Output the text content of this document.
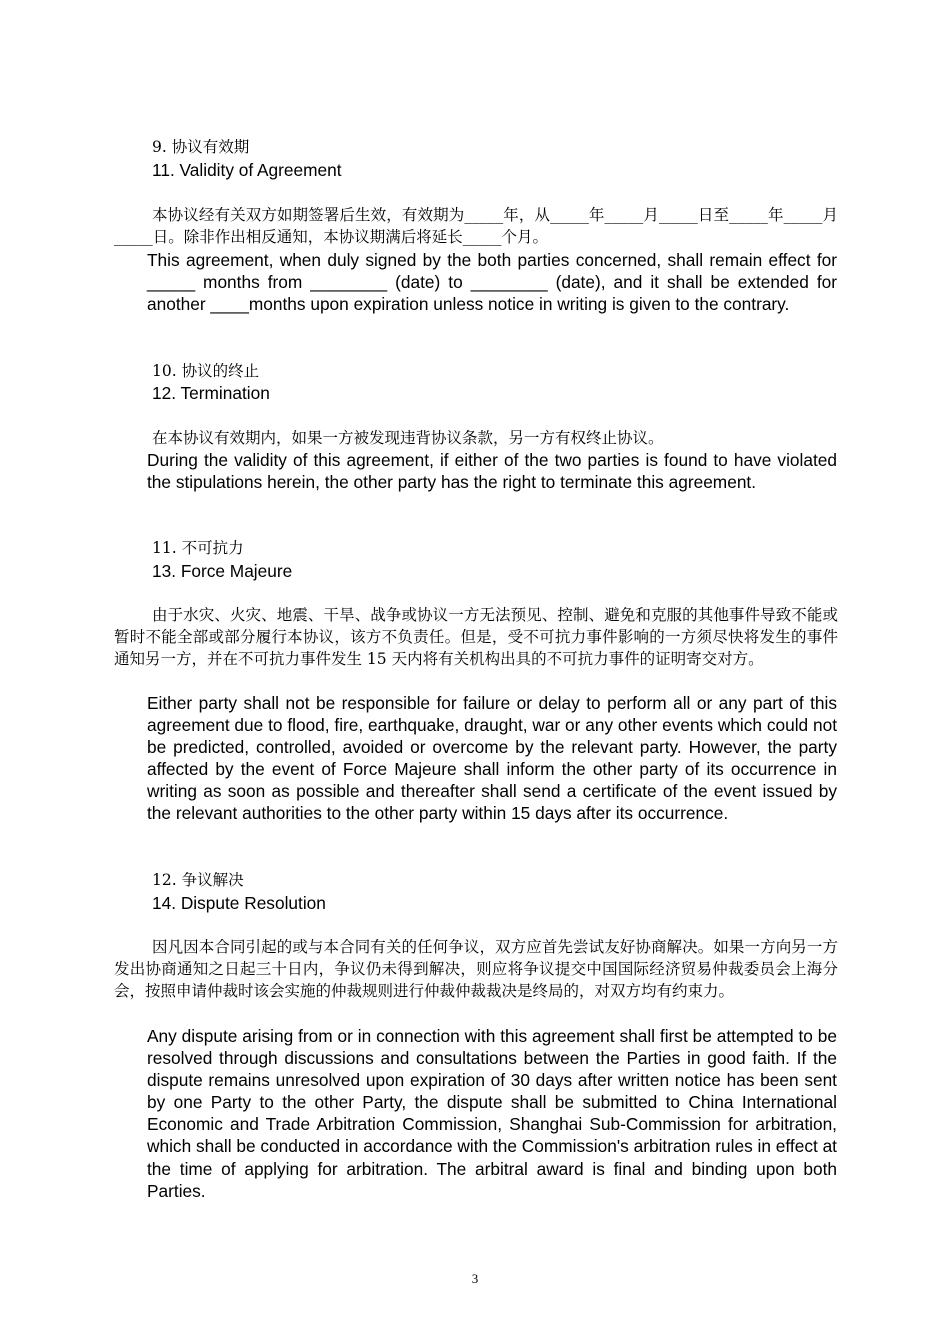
9. 协议有效期
11. Validity of Agreement
本协议经有关双方如期签署后生效，有效期为_____年，从_____年_____月_____日至_____年_____月_____日。除非作出相反通知，本协议期满后将延长_____个月。
This agreement, when duly signed by the both parties concerned, shall remain effect for _____ months from ________ (date) to ________ (date), and it shall be extended for another ____months upon expiration unless notice in writing is given to the contrary.
10. 协议的终止
12. Termination
在本协议有效期内，如果一方被发现违背协议条款，另一方有权终止协议。
During the validity of this agreement, if either of the two parties is found to have violated the stipulations herein, the other party has the right to terminate this agreement.
11. 不可抗力
13. Force Majeure
由于水灾、火灾、地震、干旱、战争或协议一方无法预见、控制、避免和克服的其他事件导致不能或暂时不能全部或部分履行本协议，该方不负责任。但是，受不可抗力事件影响的一方须尽快将发生的事件通知另一方，并在不可抗力事件发生 15 天内将有关机构出具的不可抗力事件的证明寄交对方。
Either party shall not be responsible for failure or delay to perform all or any part of this agreement due to flood, fire, earthquake, draught, war or any other events which could not be predicted, controlled, avoided or overcome by the relevant party. However, the party affected by the event of Force Majeure shall inform the other party of its occurrence in writing as soon as possible and thereafter shall send a certificate of the event issued by the relevant authorities to the other party within 15 days after its occurrence.
12. 争议解决
14. Dispute Resolution
因凡因本合同引起的或与本合同有关的任何争议，双方应首先尝试友好协商解决。如果一方向另一方发出协商通知之日起三十日内，争议仍未得到解决，则应将争议提交中国国际经济贸易仲裁委员会上海分会，按照申请仲裁时该会实施的仲裁规则进行仲裁仲裁裁决是终局的，对双方均有约束力。
Any dispute arising from or in connection with this agreement shall first be attempted to be resolved through discussions and consultations between the Parties in good faith. If the dispute remains unresolved upon expiration of 30 days after written notice has been sent by one Party to the other Party, the dispute shall be submitted to China International Economic and Trade Arbitration Commission, Shanghai Sub-Commission for arbitration, which shall be conducted in accordance with the Commission's arbitration rules in effect at the time of applying for arbitration. The arbitral award is final and binding upon both Parties.
3
